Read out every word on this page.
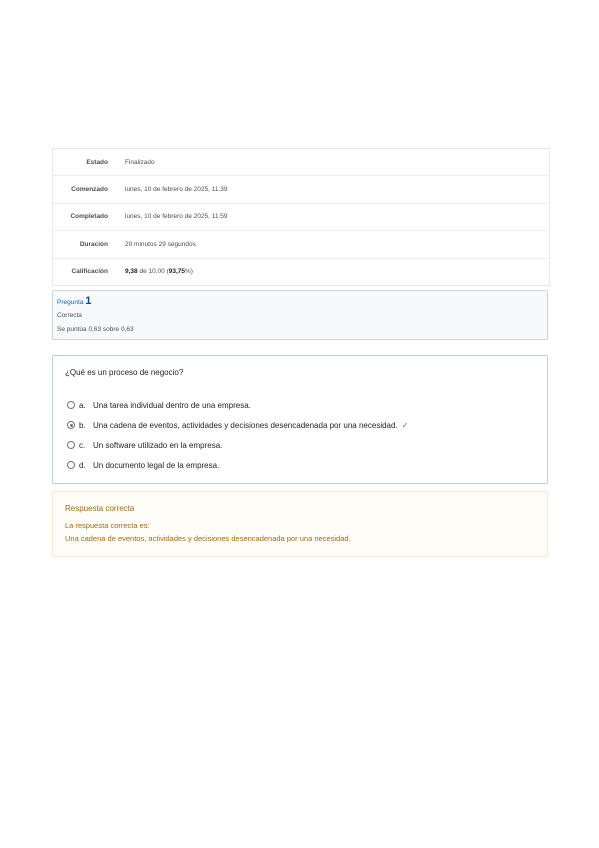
Estado	Finalizado
Comenzado	lunes, 10 de febrero de 2025, 11:39
Completado	lunes, 10 de febrero de 2025, 11:59
Duración	20 minutos 29 segundos
Calificación	9,38 de 10,00 (93,75%)
Pregunta 1
Correcta
Se puntúa 0,63 sobre 0,63
¿Qué es un proceso de negocio?
a. Una tarea individual dentro de una empresa.
b. Una cadena de eventos, actividades y decisiones desencadenada por una necesidad. ✓
c. Un software utilizado en la empresa.
d. Un documento legal de la empresa.
Respuesta correcta
La respuesta correcta es:
Una cadena de eventos, actividades y decisiones desencadenada por una necesidad.
